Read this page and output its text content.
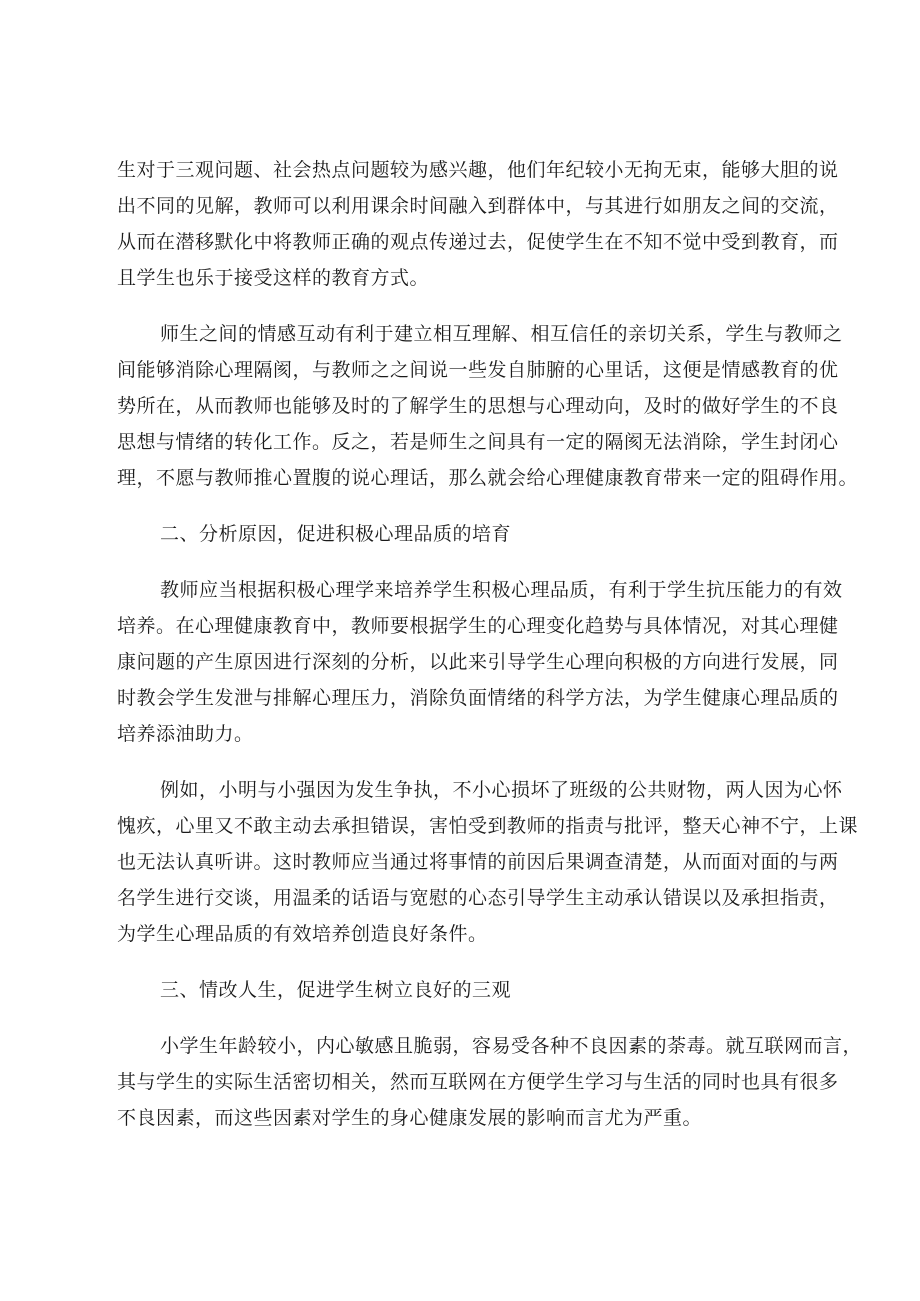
生对于三观问题、社会热点问题较为感兴趣，他们年纪较小无拘无束，能够大胆的说
出不同的见解，教师可以利用课余时间融入到群体中，与其进行如朋友之间的交流，
从而在潜移默化中将教师正确的观点传递过去，促使学生在不知不觉中受到教育，而
且学生也乐于接受这样的教育方式。
师生之间的情感互动有利于建立相互理解、相互信任的亲切关系，学生与教师之
间能够消除心理隔阂，与教师之之间说一些发自肺腑的心里话，这便是情感教育的优
势所在，从而教师也能够及时的了解学生的思想与心理动向，及时的做好学生的不良
思想与情绪的转化工作。反之，若是师生之间具有一定的隔阂无法消除，学生封闭心
理，不愿与教师推心置腹的说心理话，那么就会给心理健康教育带来一定的阻碍作用。
二、分析原因，促进积极心理品质的培育
教师应当根据积极心理学来培养学生积极心理品质，有利于学生抗压能力的有效
培养。在心理健康教育中，教师要根据学生的心理变化趋势与具体情况，对其心理健
康问题的产生原因进行深刻的分析，以此来引导学生心理向积极的方向进行发展，同
时教会学生发泄与排解心理压力，消除负面情绪的科学方法，为学生健康心理品质的
培养添油助力。
例如，小明与小强因为发生争执，不小心损坏了班级的公共财物，两人因为心怀
愧疚，心里又不敢主动去承担错误，害怕受到教师的指责与批评，整天心神不宁，上课
也无法认真听讲。这时教师应当通过将事情的前因后果调查清楚，从而面对面的与两
名学生进行交谈，用温柔的话语与宽慰的心态引导学生主动承认错误以及承担指责，
为学生心理品质的有效培养创造良好条件。
三、情改人生，促进学生树立良好的三观
小学生年龄较小，内心敏感且脆弱，容易受各种不良因素的荼毒。就互联网而言，
其与学生的实际生活密切相关，然而互联网在方便学生学习与生活的同时也具有很多
不良因素，而这些因素对学生的身心健康发展的影响而言尤为严重。
